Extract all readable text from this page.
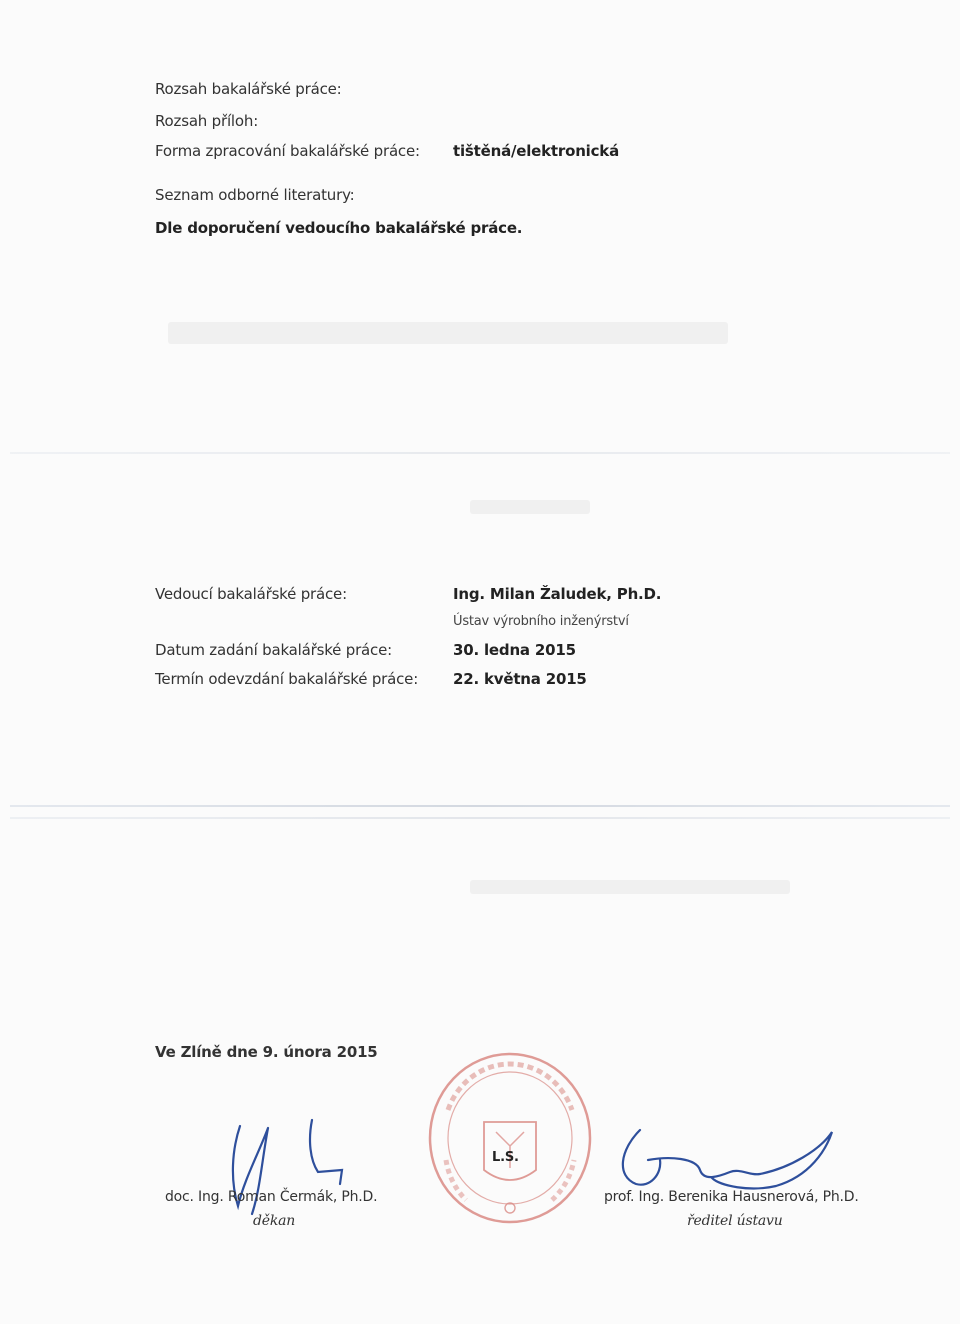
Rozsah bakalářské práce:
Rozsah příloh:
Forma zpracování bakalářské práce: tištěná/elektronická
Seznam odborné literatury:
Dle doporučení vedoucího bakalářské práce.
Vedoucí bakalářské práce:	Ing. Milan Žaludek, Ph.D.
Ústav výrobního inženýrství
Datum zadání bakalářské práce:	30. ledna 2015
Termín odevzdání bakalářské práce: 22. května 2015
Ve Zlíně dne 9. února 2015
L.S.
doc. Ing. Roman Čermák, Ph.D.
děkan
prof. Ing. Berenika Hausnerová, Ph.D.
ředitel ústavu
